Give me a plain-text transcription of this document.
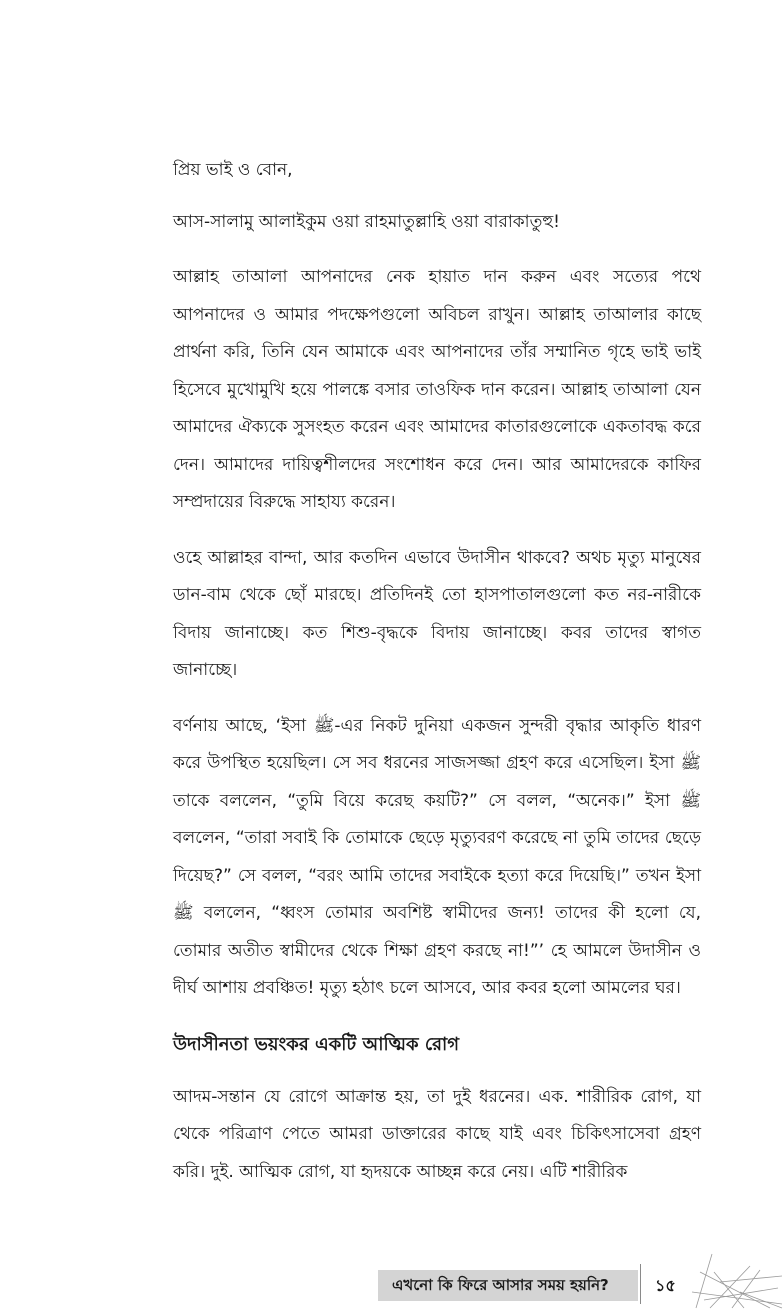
প্রিয় ভাই ও বোন,

আস-সালামু আলাইকুম ওয়া রাহমাতুল্লাহি ওয়া বারাকাতুহু!

আল্লাহ তাআলা আপনাদের নেক হায়াত দান করুন এবং সত্যের পথে আপনাদের ও আমার পদক্ষেপগুলো অবিচল রাখুন। আল্লাহ তাআলার কাছে প্রার্থনা করি, তিনি যেন আমাকে এবং আপনাদের তাঁর সম্মানিত গৃহে ভাই ভাই হিসেবে মুখোমুখি হয়ে পালঙ্কে বসার তাওফিক দান করেন। আল্লাহ তাআলা যেন আমাদের ঐক্যকে সুসংহত করেন এবং আমাদের কাতারগুলোকে একতাবদ্ধ করে দেন। আমাদের দায়িত্বশীলদের সংশোধন করে দেন। আর আমাদেরকে কাফির সম্প্রদায়ের বিরুদ্ধে সাহায্য করেন।

ওহে আল্লাহর বান্দা, আর কতদিন এভাবে উদাসীন থাকবে? অথচ মৃত্যু মানুষের ডান-বাম থেকে ছোঁ মারছে। প্রতিদিনই তো হাসপাতালগুলো কত নর-নারীকে বিদায় জানাচ্ছে। কত শিশু-বৃদ্ধকে বিদায় জানাচ্ছে। কবর তাদের স্বাগত জানাচ্ছে।

বর্ণনায় আছে, ‘ইসা ﷺ-এর নিকট দুনিয়া একজন সুন্দরী বৃদ্ধার আকৃতি ধারণ করে উপস্থিত হয়েছিল। সে সব ধরনের সাজসজ্জা গ্রহণ করে এসেছিল। ইসা ﷺ তাকে বললেন, “তুমি বিয়ে করেছ কয়টি?” সে বলল, “অনেক।” ইসা ﷺ বললেন, “তারা সবাই কি তোমাকে ছেড়ে মৃত্যুবরণ করেছে না তুমি তাদের ছেড়ে দিয়েছ?” সে বলল, “বরং আমি তাদের সবাইকে হত্যা করে দিয়েছি।” তখন ইসা ﷺ বললেন, “ধ্বংস তোমার অবশিষ্ট স্বামীদের জন্য! তাদের কী হলো যে, তোমার অতীত স্বামীদের থেকে শিক্ষা গ্রহণ করছে না!”’ হে আমলে উদাসীন ও দীর্ঘ আশায় প্রবঞ্চিত! মৃত্যু হঠাৎ চলে আসবে, আর কবর হলো আমলের ঘর।

উদাসীনতা ভয়ংকর একটি আত্মিক রোগ

আদম-সন্তান যে রোগে আক্রান্ত হয়, তা দুই ধরনের। এক. শারীরিক রোগ, যা থেকে পরিত্রাণ পেতে আমরা ডাক্তারের কাছে যাই এবং চিকিৎসাসেবা গ্রহণ করি। দুই. আত্মিক রোগ, যা হৃদয়কে আচ্ছন্ন করে নেয়। এটি শারীরিক

এখনো কি ফিরে আসার সময় হয়নি?	১৫
